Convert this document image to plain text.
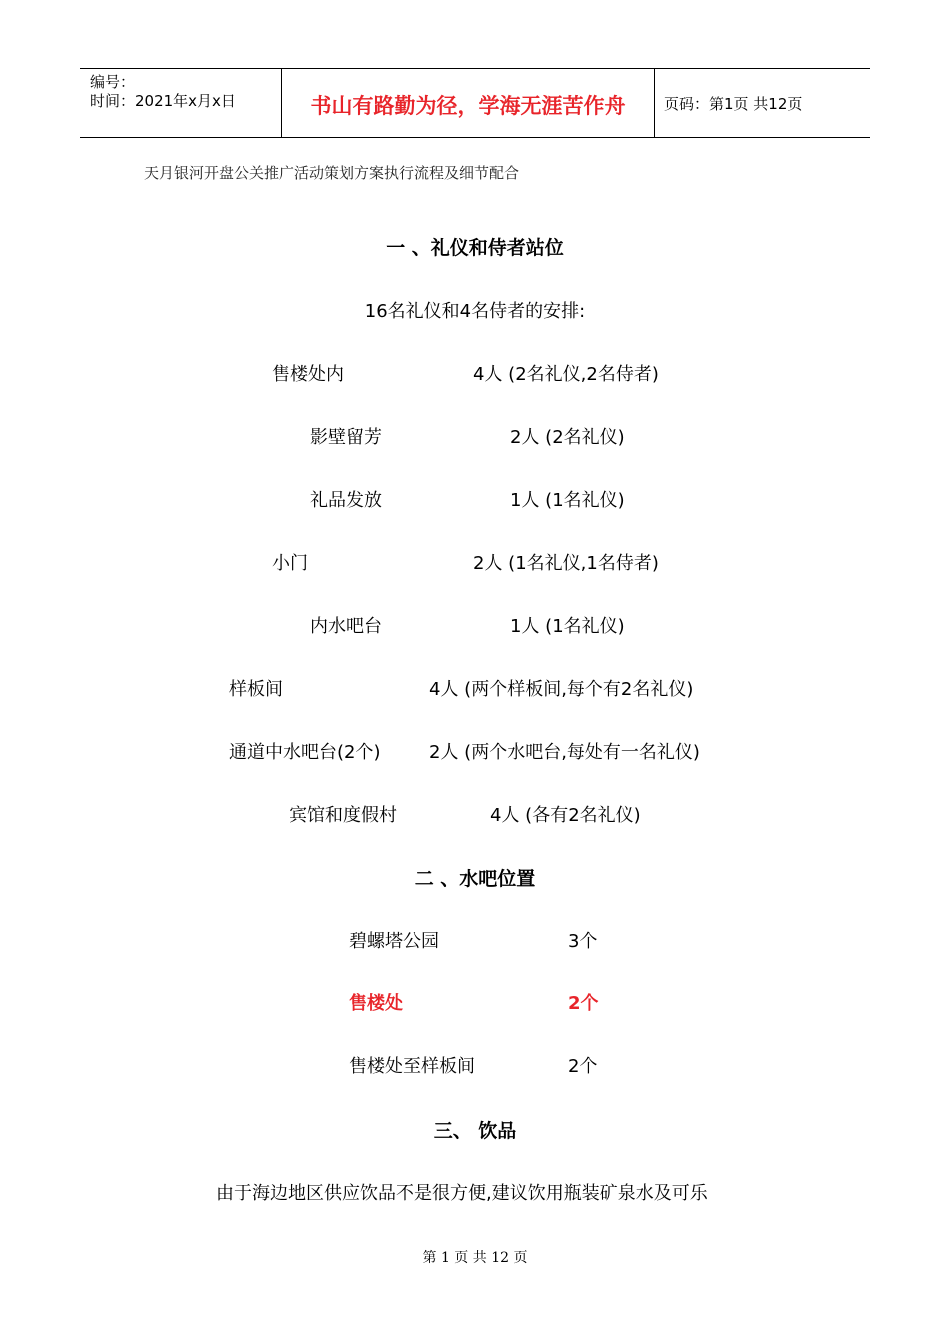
编号：
时间：2021年x月x日	书山有路勤为径，学海无涯苦作舟	页码：第1页 共12页
天月银河开盘公关推广活动策划方案执行流程及细节配合
一 、礼仪和侍者站位
16名礼仪和4名侍者的安排:
售楼处内	4人 (2名礼仪,2名侍者)
影壁留芳	2人 (2名礼仪)
礼品发放	1人 (1名礼仪)
小门	2人 (1名礼仪,1名侍者)
内水吧台	1人 (1名礼仪)
样板间	4人 (两个样板间,每个有2名礼仪)
通道中水吧台(2个)	2人 (两个水吧台,每处有一名礼仪)
宾馆和度假村	4人 (各有2名礼仪)
二 、水吧位置
碧螺塔公园	3个
售楼处	2个
售楼处至样板间	2个
三、 饮品
由于海边地区供应饮品不是很方便,建议饮用瓶装矿泉水及可乐
第 1 页 共 12 页
